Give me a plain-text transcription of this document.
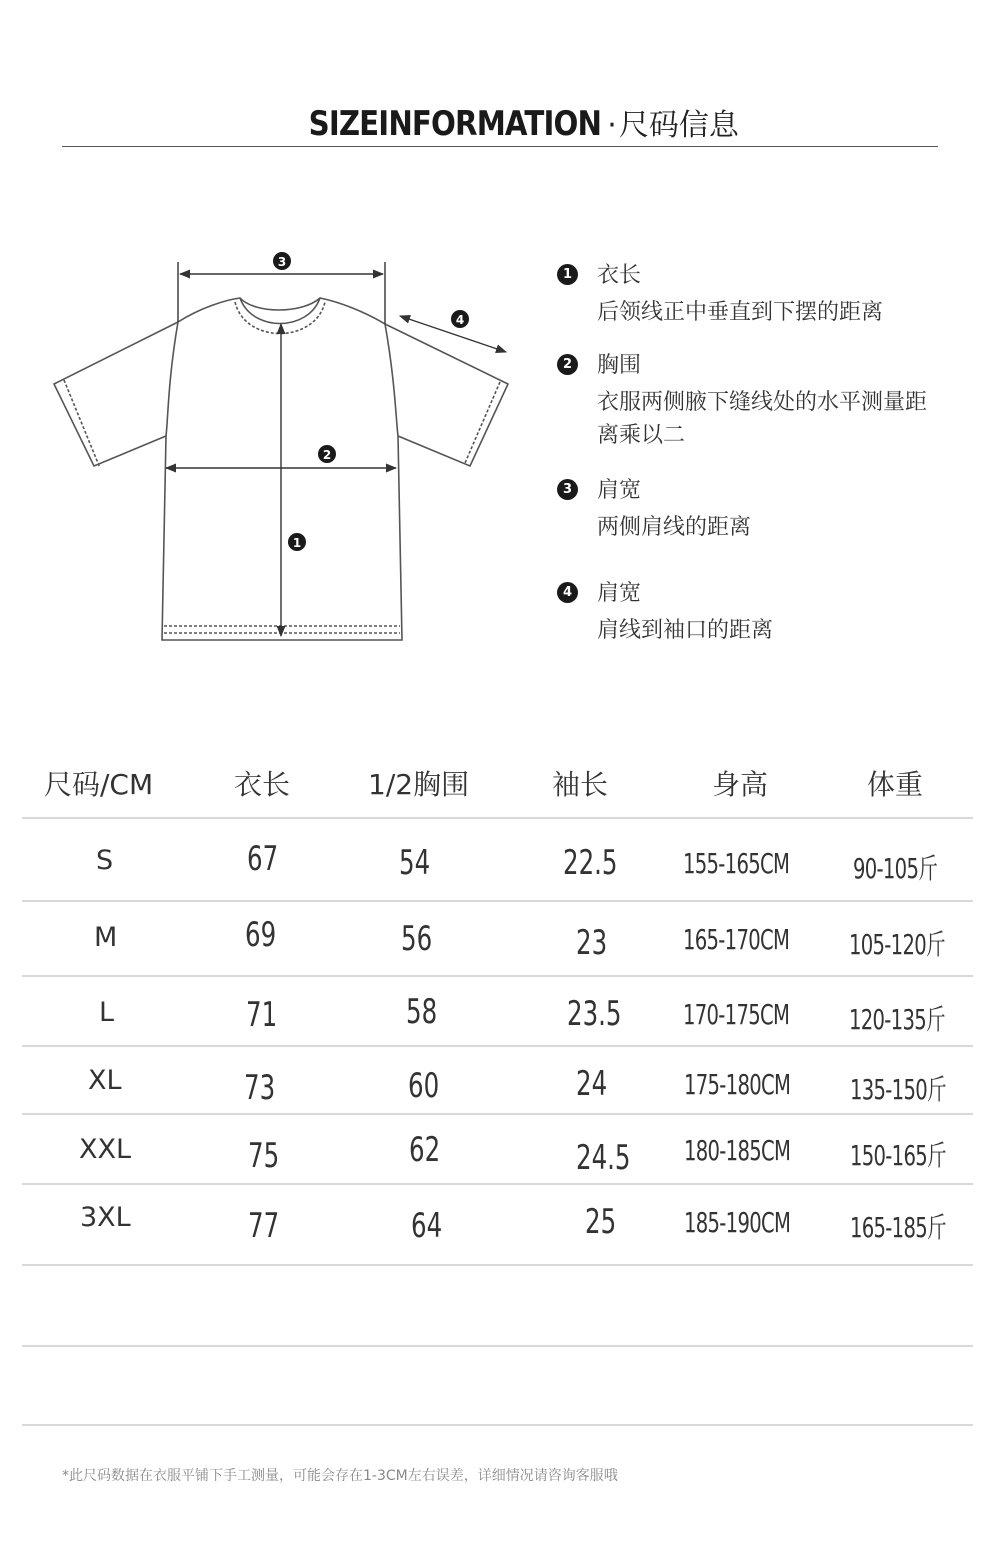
SIZEINFORMATION ·尺码信息
3
4
2
1
1 衣长
后领线正中垂直到下摆的距离
2 胸围
衣服两侧腋下缝线处的水平测量距离乘以二
3 肩宽
两侧肩线的距离
4 肩宽
肩线到袖口的距离
尺码/CM	衣长	1/2胸围	袖长	身高	体重
S	67	54	22.5 155-165CM 90-105斤
M	69	56	23	165-170CM 105-120斤
L	71	58	23.5 170-175CM 120-135斤
XL	73	60	24	175-180CM 135-150斤
XXL	75	62	24.5 180-185CM 150-165斤
3XL	77	64	25 185-190CM 165-185斤
*此尺码数据在衣服平铺下手工测量，可能会存在1-3CM左右误差，详细情况请咨询客服哦
